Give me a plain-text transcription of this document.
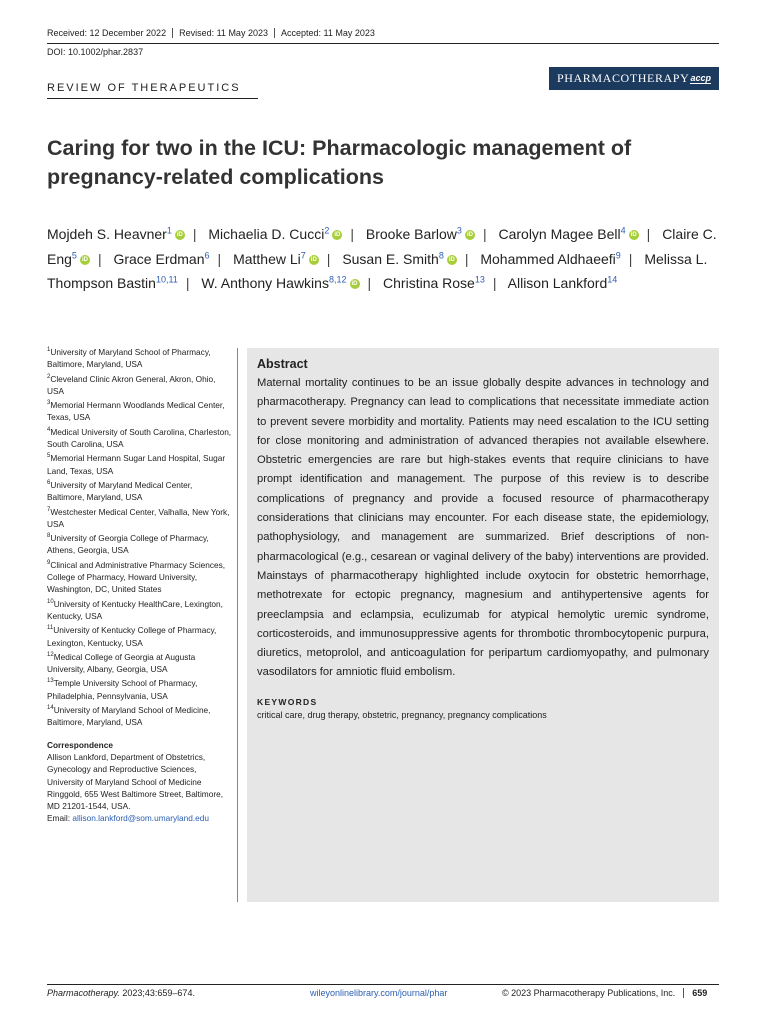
Received: 12 December 2022	Revised: 11 May 2023	Accepted: 11 May 2023
DOI: 10.1002/phar.2837
PHARMACOTHERAPY accp
REVIEW OF THERAPEUTICS
Caring for two in the ICU: Pharmacologic management of pregnancy-related complications
Mojdeh S. Heavner$^1$ iD | Michaelia D. Cucci$^2$ iD | Brooke Barlow$^3$ iD | Carolyn Magee Bell$^4$ iD | Claire C. Eng$^5$ iD | Grace Erdman$^6$ | Matthew Li$^7$ iD | Susan E. Smith$^8$ iD | Mohammed Aldhaeefi$^9$ | Melissa L. Thompson Bastin$^{10,11}$ | W. Anthony Hawkins$^{8,12}$ iD | Christina Rose$^{13}$ | Allison Lankford$^{14}$
$^1$University of Maryland School of Pharmacy, Baltimore, Maryland, USA
$^2$Cleveland Clinic Akron General, Akron, Ohio, USA
$^3$Memorial Hermann Woodlands Medical Center, Texas, USA
$^4$Medical University of South Carolina, Charleston, South Carolina, USA
$^5$Memorial Hermann Sugar Land Hospital, Sugar Land, Texas, USA
$^6$University of Maryland Medical Center, Baltimore, Maryland, USA
$^7$Westchester Medical Center, Valhalla, New York, USA
$^8$University of Georgia College of Pharmacy, Athens, Georgia, USA
$^9$Clinical and Administrative Pharmacy Sciences, College of Pharmacy, Howard University, Washington, DC, United States
$^{10}$University of Kentucky HealthCare, Lexington, Kentucky, USA
$^{11}$University of Kentucky College of Pharmacy, Lexington, Kentucky, USA
$^{12}$Medical College of Georgia at Augusta University, Albany, Georgia, USA
$^{13}$Temple University School of Pharmacy, Philadelphia, Pennsylvania, USA
$^{14}$University of Maryland School of Medicine, Baltimore, Maryland, USA
Correspondence
Allison Lankford, Department of Obstetrics, Gynecology and Reproductive Sciences, University of Maryland School of Medicine Ringgold, 655 West Baltimore Street, Baltimore, MD 21201-1544, USA.
Email: allison.lankford@som.umaryland.edu
Abstract
Maternal mortality continues to be an issue globally despite advances in technology and pharmacotherapy. Pregnancy can lead to complications that necessitate immediate action to prevent severe morbidity and mortality. Patients may need escalation to the ICU setting for close monitoring and administration of advanced therapies not available elsewhere. Obstetric emergencies are rare but high-stakes events that require clinicians to have prompt identification and management. The purpose of this review is to describe complications of pregnancy and provide a focused resource of pharmacotherapy considerations that clinicians may encounter. For each disease state, the epidemiology, pathophysiology, and management are summarized. Brief descriptions of non-pharmacological (e.g., cesarean or vaginal delivery of the baby) interventions are provided. Mainstays of pharmacotherapy highlighted include oxytocin for obstetric hemorrhage, methotrexate for ectopic pregnancy, magnesium and antihypertensive agents for preeclampsia and eclampsia, eculizumab for atypical hemolytic uremic syndrome, corticosteroids, and immunosuppressive agents for thrombotic thrombocytopenic purpura, diuretics, metoprolol, and anticoagulation for peripartum cardiomyopathy, and pulmonary vasodilators for amniotic fluid embolism.
KEYWORDS
critical care, drug therapy, obstetric, pregnancy, pregnancy complications
Pharmacotherapy. 2023;43:659–674.	wileyonlinelibrary.com/journal/phar	© 2023 Pharmacotherapy Publications, Inc.	659
